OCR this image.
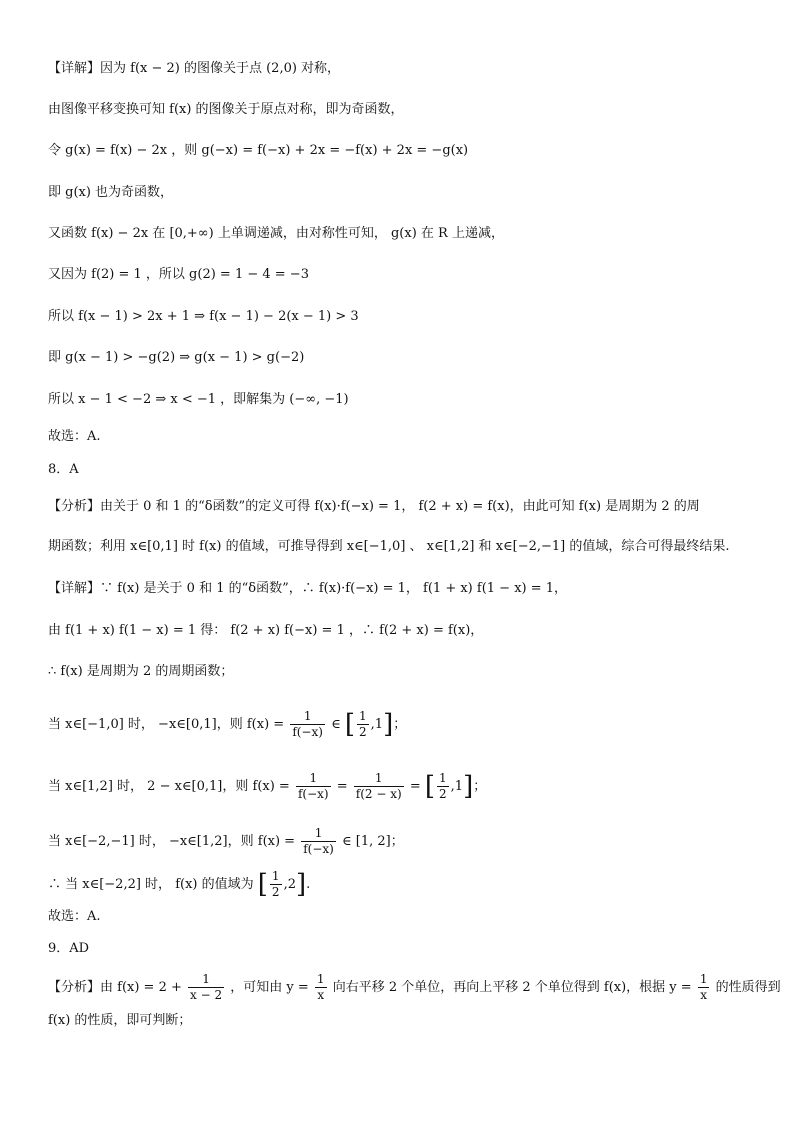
【详解】因为 f(x − 2) 的图像关于点 (2,0) 对称，
由图像平移变换可知 f(x) 的图像关于原点对称，即为奇函数，
令 g(x) = f(x) − 2x ，则 g(−x) = f(−x) + 2x = −f(x) + 2x = −g(x)
即 g(x) 也为奇函数，
又函数 f(x) − 2x 在 [0,+∞) 上单调递减，由对称性可知， g(x) 在 R 上递减，
又因为 f(2) = 1 ，所以 g(2) = 1 − 4 = −3
所以 f(x − 1) > 2x + 1 ⇒ f(x − 1) − 2(x − 1) > 3
即 g(x − 1) > −g(2) ⇒ g(x − 1) > g(−2)
所以 x − 1 < −2 ⇒ x < −1 ，即解集为 (−∞, −1)
故选：A.
8．A
【分析】由关于 0 和 1 的“δ函数”的定义可得 f(x)·f(−x) = 1， f(2 + x) = f(x)，由此可知 f(x) 是周期为 2 的周
期函数；利用 x∈[0,1] 时 f(x) 的值域，可推导得到 x∈[−1,0] 、 x∈[1,2] 和 x∈[−2,−1] 的值域，综合可得最终结果.
【详解】∵ f(x) 是关于 0 和 1 的“δ函数”，∴ f(x)·f(−x) = 1， f(1 + x) f(1 − x) = 1，
由 f(1 + x) f(1 − x) = 1 得： f(2 + x) f(−x) = 1 ，∴ f(2 + x) = f(x)，
∴ f(x) 是周期为 2 的周期函数；
当 x∈[−1,0] 时， −x∈[0,1]，则 $f(x) = \frac{1}{f(-x)}$ ∈ [ $\frac{1}{2} ,1$]；
当 x∈[1,2] 时， 2 − x∈[0,1]，则 $f(x) = \frac{1}{f(-x)} = \frac{1}{f(2 - x)}$ = [ $\frac{1}{2} ,1$]；
当 x∈[−2,−1] 时， −x∈[1,2]，则 $f(x) = \frac{1}{f(-x)}$ ∈ [1, 2]；
∴ 当 x∈[−2,2] 时， f(x) 的值域为 [ $\frac{1}{2} ,2$].
故选：A.
9．AD
【分析】由 $f(x) = 2 + \frac{1}{x - 2}$ ，可知由 $y = \frac{1}{x}$ 向右平移 2 个单位，再向上平移 2 个单位得到 f(x)，根据 $y = \frac{1}{x}$ 的性质得到
f(x) 的性质，即可判断；
